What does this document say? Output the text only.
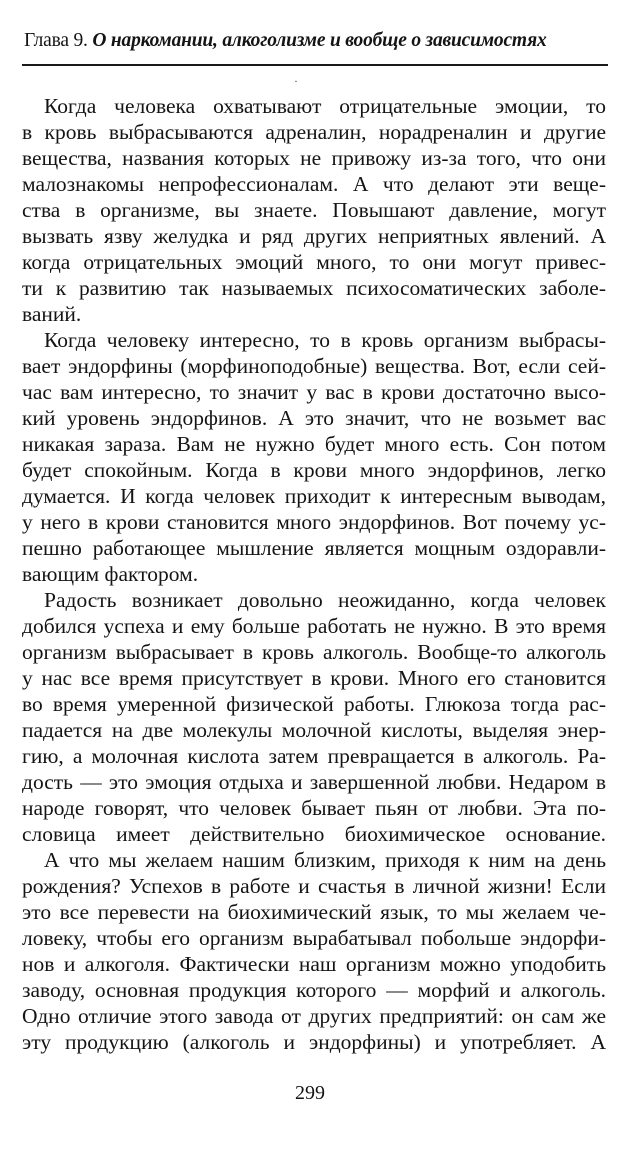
Глава 9. О наркомании, алкоголизме и вообще о зависимостях
·
Когда человека охватывают отрицательные эмоции, то
в кровь выбрасываются адреналин, норадреналин и другие
вещества, названия которых не привожу из-за того, что они
малознакомы непрофессионалам. А что делают эти веще-
ства в организме, вы знаете. Повышают давление, могут
вызвать язву желудка и ряд других неприятных явлений. А
когда отрицательных эмоций много, то они могут привес-
ти к развитию так называемых психосоматических заболе-
ваний.
Когда человеку интересно, то в кровь организм выбрасы-
вает эндорфины (морфиноподобные) вещества. Вот, если сей-
час вам интересно, то значит у вас в крови достаточно высо-
кий уровень эндорфинов. А это значит, что не возьмет вас
никакая зараза. Вам не нужно будет много есть. Сон потом
будет спокойным. Когда в крови много эндорфинов, легко
думается. И когда человек приходит к интересным выводам,
у него в крови становится много эндорфинов. Вот почему ус-
пешно работающее мышление является мощным оздоравли-
вающим фактором.
Радость возникает довольно неожиданно, когда человек
добился успеха и ему больше работать не нужно. В это время
организм выбрасывает в кровь алкоголь. Вообще-то алкоголь
у нас все время присутствует в крови. Много его становится
во время умеренной физической работы. Глюкоза тогда рас-
падается на две молекулы молочной кислоты, выделяя энер-
гию, а молочная кислота затем превращается в алкоголь. Ра-
дость — это эмоция отдыха и завершенной любви. Недаром в
народе говорят, что человек бывает пьян от любви. Эта по-
словица имеет действительно биохимическое основание.
А что мы желаем нашим близким, приходя к ним на день
рождения? Успехов в работе и счастья в личной жизни! Если
это все перевести на биохимический язык, то мы желаем че-
ловеку, чтобы его организм вырабатывал побольше эндорфи-
нов и алкоголя. Фактически наш организм можно уподобить
заводу, основная продукция которого — морфий и алкоголь.
Одно отличие этого завода от других предприятий: он сам же
эту продукцию (алкоголь и эндорфины) и употребляет. А
299
